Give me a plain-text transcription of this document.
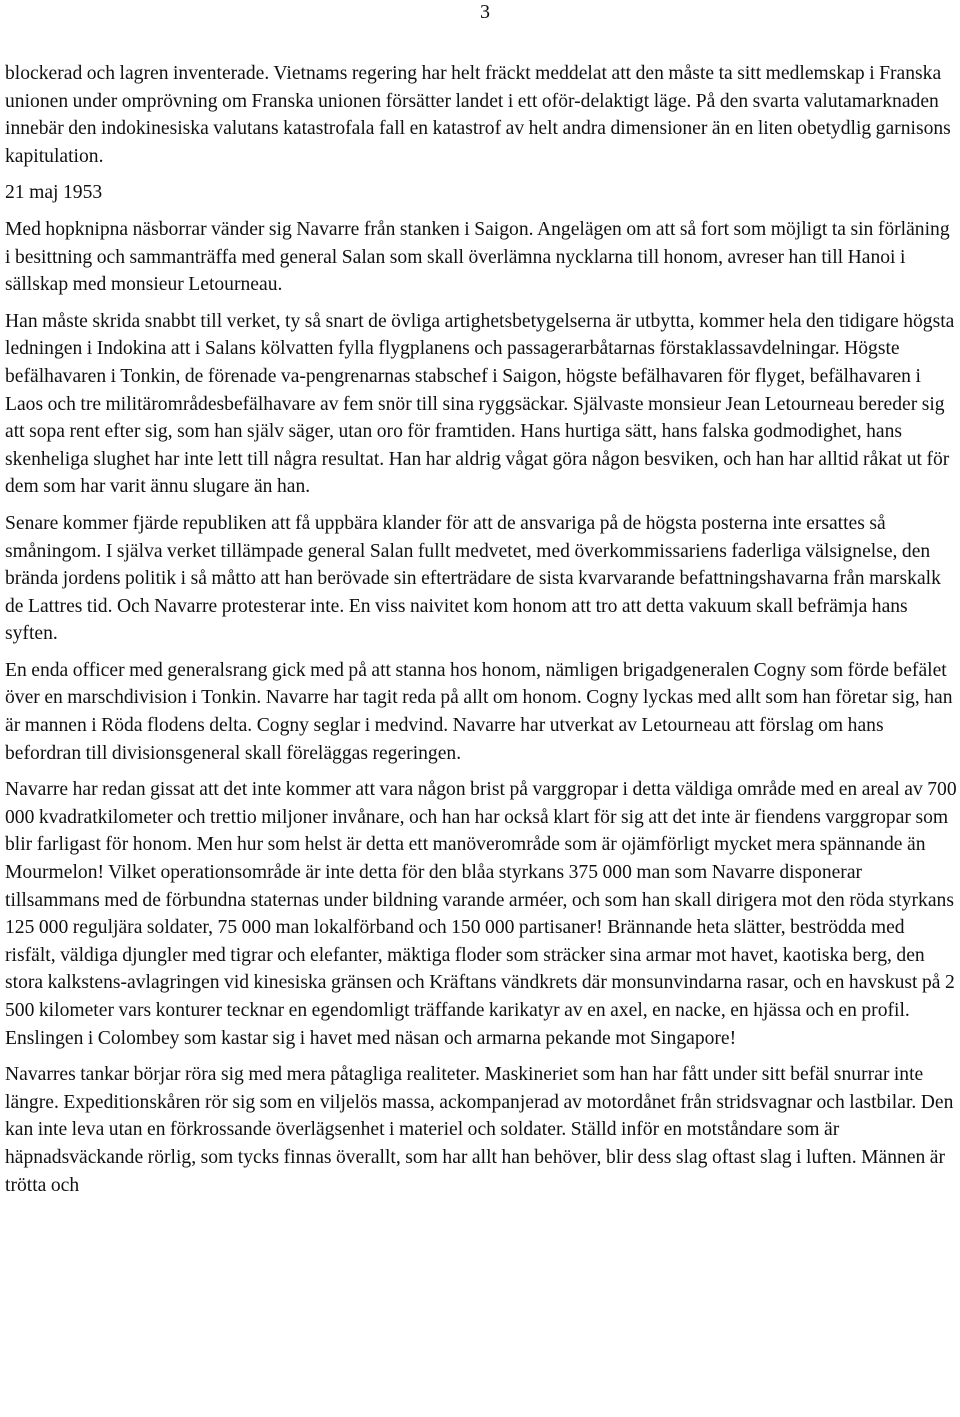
3

blockerad och lagren inventerade. Vietnams regering har helt fräckt meddelat att den måste ta sitt medlemskap i Franska unionen under omprövning om Franska unionen försätter landet i ett oför-delaktigt läge. På den svarta valutamarknaden innebär den indokinesiska valutans katastrofala fall en katastrof av helt andra dimensioner än en liten obetydlig garnisons kapitulation.

21 maj 1953

Med hopknipna näsborrar vänder sig Navarre från stanken i Saigon. Angelägen om att så fort som möjligt ta sin förläning i besittning och sammanträffa med general Salan som skall överlämna nycklarna till honom, avreser han till Hanoi i sällskap med monsieur Letourneau.

Han måste skrida snabbt till verket, ty så snart de övliga artighetsbetygelserna är utbytta, kommer hela den tidigare högsta ledningen i Indokina att i Salans kölvatten fylla flygplanens och passagerarbåtarnas förstaklassavdelningar. Högste befälhavaren i Tonkin, de förenade va-pengrenarnas stabschef i Saigon, högste befälhavaren för flyget, befälhavaren i Laos och tre militärområdesbefälhavare av fem snör till sina ryggsäckar. Självaste monsieur Jean Letourneau bereder sig att sopa rent efter sig, som han själv säger, utan oro för framtiden. Hans hurtiga sätt, hans falska godmodighet, hans skenheliga slughet har inte lett till några resultat. Han har aldrig vågat göra någon besviken, och han har alltid råkat ut för dem som har varit ännu slugare än han.

Senare kommer fjärde republiken att få uppbära klander för att de ansvariga på de högsta posterna inte ersattes så småningom. I själva verket tillämpade general Salan fullt medvetet, med överkommissariens faderliga välsignelse, den brända jordens politik i så måtto att han berövade sin efterträdare de sista kvarvarande befattningshavarna från marskalk de Lattres tid. Och Navarre protesterar inte. En viss naivitet kom honom att tro att detta vakuum skall befrämja hans syften.

En enda officer med generalsrang gick med på att stanna hos honom, nämligen brigadgeneralen Cogny som förde befälet över en marschdivision i Tonkin. Navarre har tagit reda på allt om honom. Cogny lyckas med allt som han företar sig, han är mannen i Röda flodens delta. Cogny seglar i medvind. Navarre har utverkat av Letourneau att förslag om hans befordran till divisionsgeneral skall föreläggas regeringen.

Navarre har redan gissat att det inte kommer att vara någon brist på varggropar i detta väldiga område med en areal av 700 000 kvadratkilometer och trettio miljoner invånare, och han har också klart för sig att det inte är fiendens varggropar som blir farligast för honom. Men hur som helst är detta ett manöverområde som är ojämförligt mycket mera spännande än Mourmelon! Vilket operationsområde är inte detta för den blåa styrkans 375 000 man som Navarre disponerar tillsammans med de förbundna staternas under bildning varande arméer, och som han skall dirigera mot den röda styrkans 125 000 reguljära soldater, 75 000 man lokalförband och 150 000 partisaner! Brännande heta slätter, beströdda med risfält, väldiga djungler med tigrar och elefanter, mäktiga floder som sträcker sina armar mot havet, kaotiska berg, den stora kalkstens-avlagringen vid kinesiska gränsen och Kräftans vändkrets där monsunvindarna rasar, och en havskust på 2 500 kilometer vars konturer tecknar en egendomligt träffande karikatyr av en axel, en nacke, en hjässa och en profil. Enslingen i Colombey som kastar sig i havet med näsan och armarna pekande mot Singapore!

Navarres tankar börjar röra sig med mera påtagliga realiteter. Maskineriet som han har fått under sitt befäl snurrar inte längre. Expeditionskåren rör sig som en viljelös massa, ackompanjerad av motordånet från stridsvagnar och lastbilar. Den kan inte leva utan en förkrossande överlägsenhet i materiel och soldater. Ställd inför en motståndare som är häpnadsväckande rörlig, som tycks finnas överallt, som har allt han behöver, blir dess slag oftast slag i luften. Männen är trötta och
